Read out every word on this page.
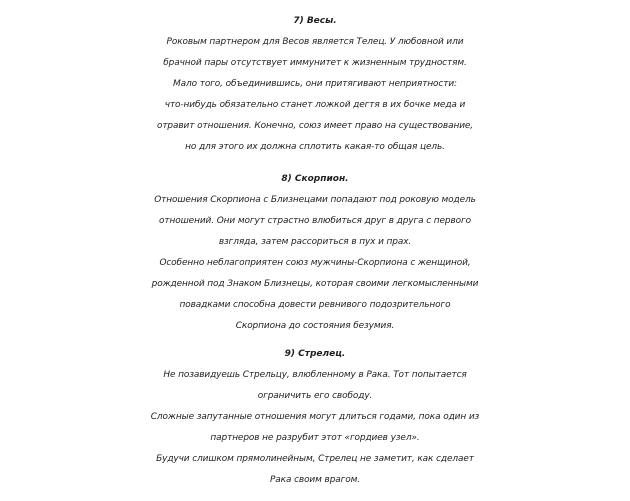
7) Весы.
Роковым партнером для Весов является Телец. У любовной или
брачной пары отсутствует иммунитет к жизненным трудностям.
Мало того, объединившись, они притягивают неприятности:
что-нибудь обязательно станет ложкой дегтя в их бочке меда и
отравит отношения. Конечно, союз имеет право на существование,
но для этого их должна сплотить какая-то общая цель.
8) Скорпион.
Отношения Скорпиона с Близнецами попадают под роковую модель
отношений. Они могут страстно влюбиться друг в друга с первого
взгляда, затем рассориться в пух и прах.
Особенно неблагоприятен союз мужчины-Скорпиона с женщиной,
рожденной под Знаком Близнецы, которая своими легкомысленными
повадками способна довести ревнивого подозрительного
Скорпиона до состояния безумия.
9) Стрелец.
Не позавидуешь Стрельцу, влюбленному в Рака. Тот попытается
ограничить его свободу.
Сложные запутанные отношения могут длиться годами, пока один из
партнеров не разрубит этот «гордиев узел».
Будучи слишком прямолинейным, Стрелец не заметит, как сделает
Рака своим врагом.
